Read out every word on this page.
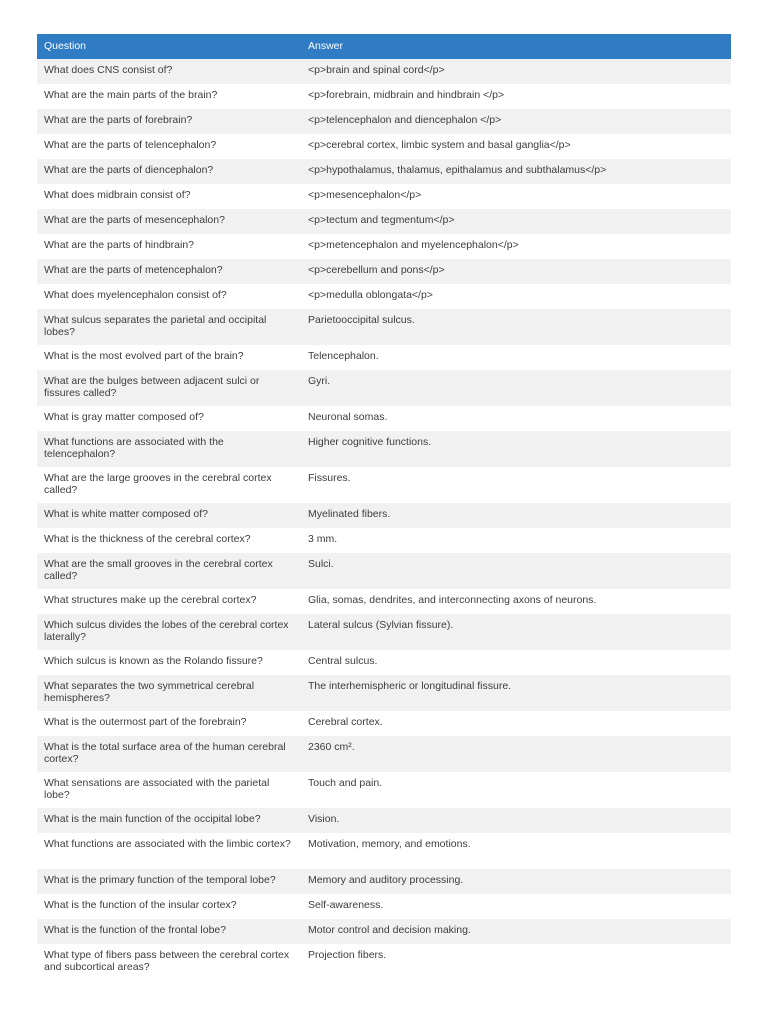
Question	Answer
What does CNS consist of?	<p>brain and spinal cord</p>
What are the main parts of the brain?	<p>forebrain, midbrain and hindbrain </p>
What are the parts of forebrain?	<p>telencephalon and diencephalon </p>
What are the parts of telencephalon?	<p>cerebral cortex, limbic system and basal ganglia</p>
What are the parts of diencephalon?	<p>hypothalamus, thalamus, epithalamus and subthalamus</p>
What does midbrain consist of?	<p>mesencephalon</p>
What are the parts of mesencephalon?	<p>tectum and tegmentum</p>
What are the parts of hindbrain?	<p>metencephalon and myelencephalon</p>
What are the parts of metencephalon?	<p>cerebellum and pons</p>
What does myelencephalon consist of?	<p>medulla oblongata</p>
What sulcus separates the parietal and occipital lobes?	Parietooccipital sulcus.
What is the most evolved part of the brain?	Telencephalon.
What are the bulges between adjacent sulci or fissures called?	Gyri.
What is gray matter composed of?	Neuronal somas.
What functions are associated with the telencephalon?	Higher cognitive functions.
What are the large grooves in the cerebral cortex called?	Fissures.
What is white matter composed of?	Myelinated fibers.
What is the thickness of the cerebral cortex?	3 mm.
What are the small grooves in the cerebral cortex called?	Sulci.
What structures make up the cerebral cortex?	Glia, somas, dendrites, and interconnecting axons of neurons.
Which sulcus divides the lobes of the cerebral cortex laterally?	Lateral sulcus (Sylvian fissure).
Which sulcus is known as the Rolando fissure?	Central sulcus.
What separates the two symmetrical cerebral hemispheres?	The interhemispheric or longitudinal fissure.
What is the outermost part of the forebrain?	Cerebral cortex.
What is the total surface area of the human cerebral cortex?	2360 cm².
What sensations are associated with the parietal lobe?	Touch and pain.
What is the main function of the occipital lobe?	Vision.
What functions are associated with the limbic cortex?	Motivation, memory, and emotions.
What is the primary function of the temporal lobe?	Memory and auditory processing.
What is the function of the insular cortex?	Self-awareness.
What is the function of the frontal lobe?	Motor control and decision making.
What type of fibers pass between the cerebral cortex and subcortical areas?	Projection fibers.
